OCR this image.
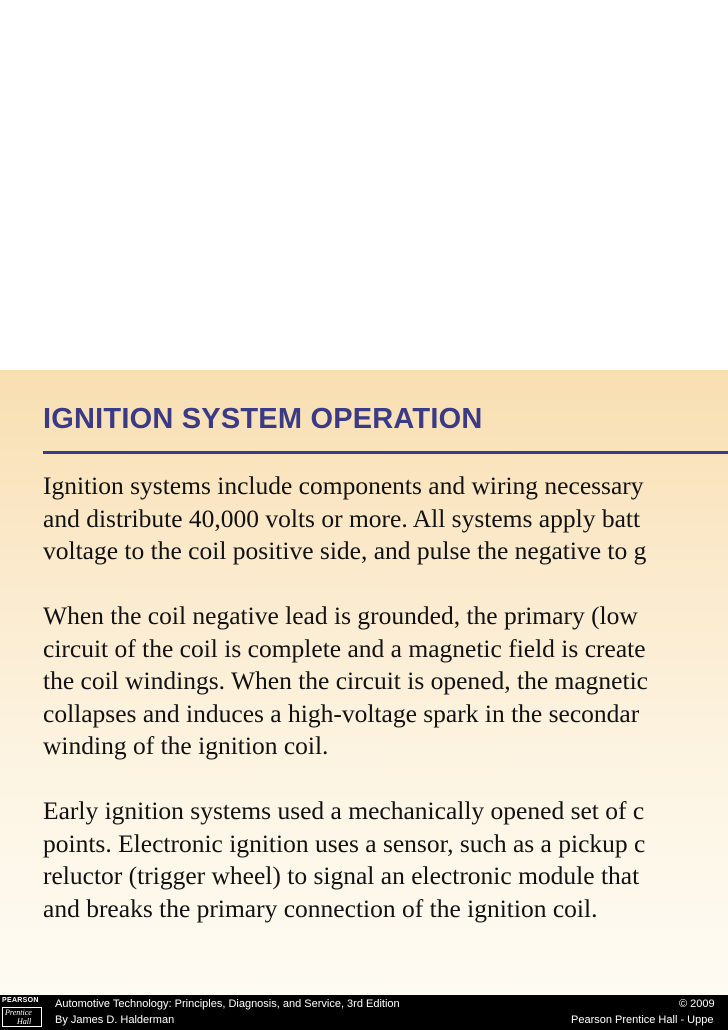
IGNITION SYSTEM OPERATION

Ignition systems include components and wiring necessary
and distribute 40,000 volts or more. All systems apply batt
voltage to the coil positive side, and pulse the negative to g

When the coil negative lead is grounded, the primary (low
circuit of the coil is complete and a magnetic field is create
the coil windings. When the circuit is opened, the magnetic
collapses and induces a high-voltage spark in the secondar
winding of the ignition coil.

Early ignition systems used a mechanically opened set of c
points. Electronic ignition uses a sensor, such as a pickup c
reluctor (trigger wheel) to signal an electronic module that
and breaks the primary connection of the ignition coil.

PEARSON
Prentice
Hall
Automotive Technology: Principles, Diagnosis, and Service, 3rd Edition
By James D. Halderman
© 2009
Pearson Prentice Hall - Uppe
